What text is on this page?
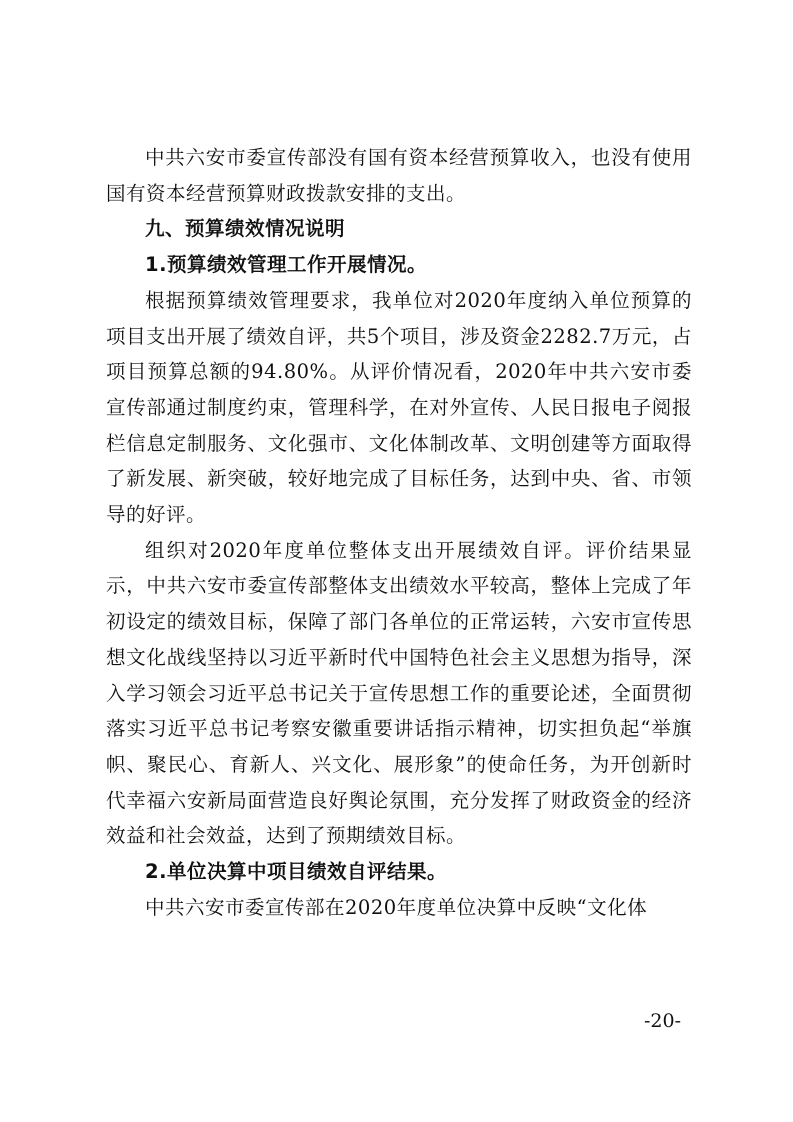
中共六安市委宣传部没有国有资本经营预算收入，也没有使用国有资本经营预算财政拨款安排的支出。

九、预算绩效情况说明

1.预算绩效管理工作开展情况。

根据预算绩效管理要求，我单位对2020年度纳入单位预算的项目支出开展了绩效自评，共5个项目，涉及资金2282.7万元，占项目预算总额的94.80%。从评价情况看，2020年中共六安市委宣传部通过制度约束，管理科学，在对外宣传、人民日报电子阅报栏信息定制服务、文化强市、文化体制改革、文明创建等方面取得了新发展、新突破，较好地完成了目标任务，达到中央、省、市领导的好评。

组织对2020年度单位整体支出开展绩效自评。评价结果显示，中共六安市委宣传部整体支出绩效水平较高，整体上完成了年初设定的绩效目标，保障了部门各单位的正常运转，六安市宣传思想文化战线坚持以习近平新时代中国特色社会主义思想为指导，深入学习领会习近平总书记关于宣传思想工作的重要论述，全面贯彻落实习近平总书记考察安徽重要讲话指示精神，切实担负起“举旗帜、聚民心、育新人、兴文化、展形象”的使命任务，为开创新时代幸福六安新局面营造良好舆论氛围，充分发挥了财政资金的经济效益和社会效益，达到了预期绩效目标。

2.单位决算中项目绩效自评结果。

中共六安市委宣传部在2020年度单位决算中反映“文化体

-20-
